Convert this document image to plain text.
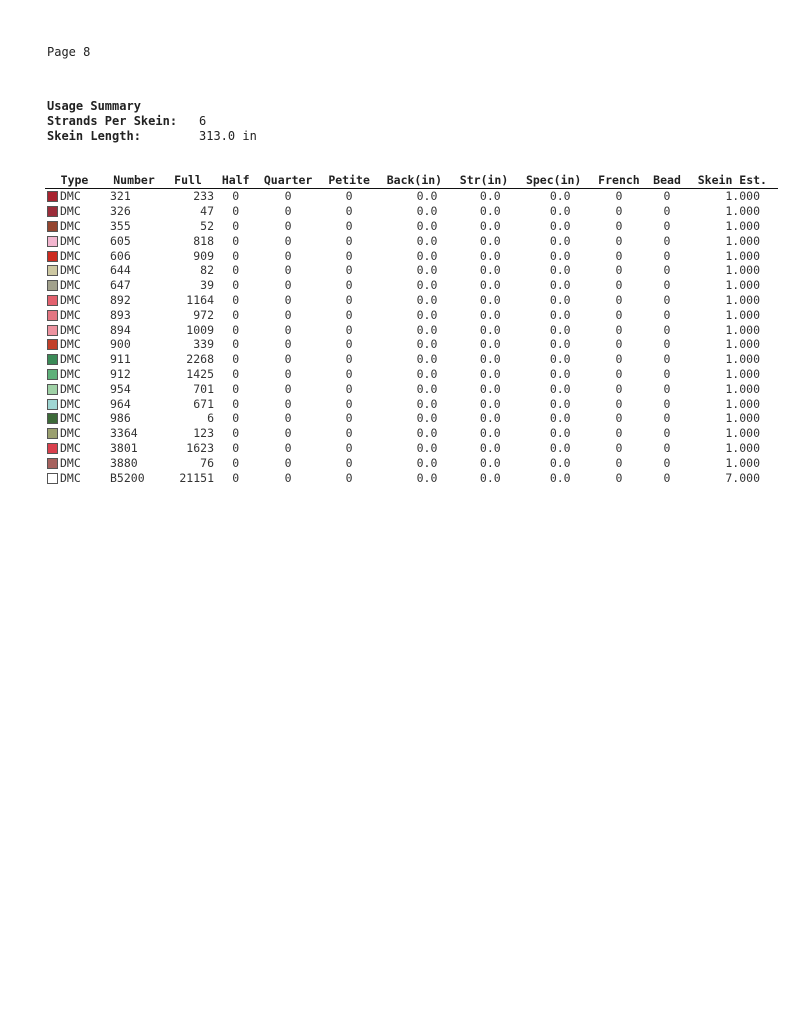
Page 8
Usage Summary
Strands Per Skein:	6
Skein Length:	313.0 in
Type	Number	Full	Half	Quarter	Petite	Back(in)	Str(in)	Spec(in)	French	Bead	Skein Est.
DMC	321	233	0	0	0	0.0	0.0	0.0	0	0	1.000
DMC	326	47	0	0	0	0.0	0.0	0.0	0	0	1.000
DMC	355	52	0	0	0	0.0	0.0	0.0	0	0	1.000
DMC	605	818	0	0	0	0.0	0.0	0.0	0	0	1.000
DMC	606	909	0	0	0	0.0	0.0	0.0	0	0	1.000
DMC	644	82	0	0	0	0.0	0.0	0.0	0	0	1.000
DMC	647	39	0	0	0	0.0	0.0	0.0	0	0	1.000
DMC	892	1164	0	0	0	0.0	0.0	0.0	0	0	1.000
DMC	893	972	0	0	0	0.0	0.0	0.0	0	0	1.000
DMC	894	1009	0	0	0	0.0	0.0	0.0	0	0	1.000
DMC	900	339	0	0	0	0.0	0.0	0.0	0	0	1.000
DMC	911	2268	0	0	0	0.0	0.0	0.0	0	0	1.000
DMC	912	1425	0	0	0	0.0	0.0	0.0	0	0	1.000
DMC	954	701	0	0	0	0.0	0.0	0.0	0	0	1.000
DMC	964	671	0	0	0	0.0	0.0	0.0	0	0	1.000
DMC	986	6	0	0	0	0.0	0.0	0.0	0	0	1.000
DMC	3364	123	0	0	0	0.0	0.0	0.0	0	0	1.000
DMC	3801	1623	0	0	0	0.0	0.0	0.0	0	0	1.000
DMC	3880	76	0	0	0	0.0	0.0	0.0	0	0	1.000
DMC	B5200	21151	0	0	0	0.0	0.0	0.0	0	0	7.000
